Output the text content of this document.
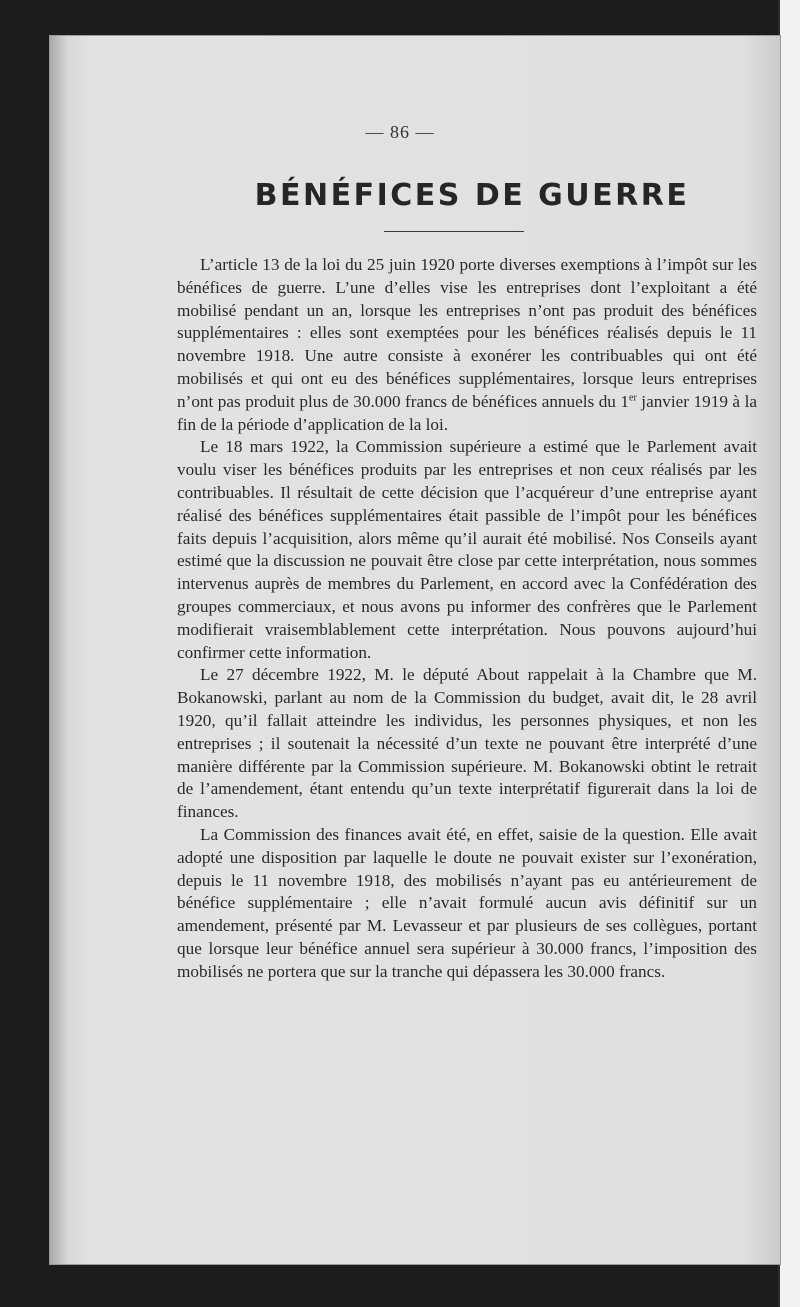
— 86 —
BÉNÉFICES DE GUERRE

L’article 13 de la loi du 25 juin 1920 porte diverses exemptions à l’impôt sur les bénéfices de guerre. L’une d’elles vise les entreprises dont l’exploitant a été mobilisé pendant un an, lorsque les entreprises n’ont pas produit des bénéfices supplémentaires : elles sont exemptées pour les bénéfices réalisés depuis le 11 novembre 1918. Une autre consiste à exonérer les contribuables qui ont été mobilisés et qui ont eu des bénéfices supplémentaires, lorsque leurs entreprises n’ont pas produit plus de 30.000 francs de bénéfices annuels du 1er janvier 1919 à la fin de la période d’application de la loi.

Le 18 mars 1922, la Commission supérieure a estimé que le Parlement avait voulu viser les bénéfices produits par les entreprises et non ceux réalisés par les contribuables. Il résultait de cette décision que l’acquéreur d’une entreprise ayant réalisé des bénéfices supplémentaires était passible de l’impôt pour les bénéfices faits depuis l’acquisition, alors même qu’il aurait été mobilisé. Nos Conseils ayant estimé que la discussion ne pouvait être close par cette interprétation, nous sommes intervenus auprès de membres du Parlement, en accord avec la Confédération des groupes commerciaux, et nous avons pu informer des confrères que le Parlement modifierait vraisemblablement cette interprétation. Nous pouvons aujourd’hui confirmer cette information.

Le 27 décembre 1922, M. le député About rappelait à la Chambre que M. Bokanowski, parlant au nom de la Commission du budget, avait dit, le 28 avril 1920, qu’il fallait atteindre les individus, les personnes physiques, et non les entreprises ; il soutenait la nécessité d’un texte ne pouvant être interprété d’une manière différente par la Commission supérieure. M. Bokanowski obtint le retrait de l’amendement, étant entendu qu’un texte interprétatif figurerait dans la loi de finances.

La Commission des finances avait été, en effet, saisie de la question. Elle avait adopté une disposition par laquelle le doute ne pouvait exister sur l’exonération, depuis le 11 novembre 1918, des mobilisés n’ayant pas eu antérieurement de bénéfice supplémentaire ; elle n’avait formulé aucun avis définitif sur un amendement, présenté par M. Levasseur et par plusieurs de ses collègues, portant que lorsque leur bénéfice annuel sera supérieur à 30.000 francs, l’imposition des mobilisés ne portera que sur la tranche qui dépassera les 30.000 francs.
